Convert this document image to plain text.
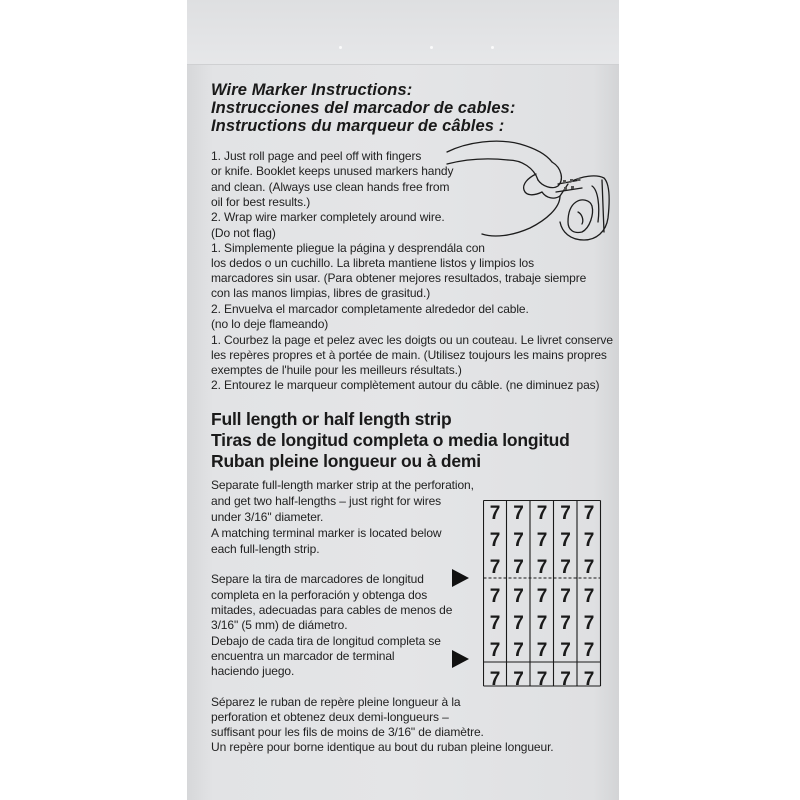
Wire Marker Instructions:
Instrucciones del marcador de cables:
Instructions du marqueur de câbles :
1. Just roll page and peel off with fingers
or knife. Booklet keeps unused markers handy
and clean. (Always use clean hands free from
oil for best results.)
2. Wrap wire marker completely around wire.
(Do not flag)
1. Simplemente pliegue la página y desprendála con
los dedos o un cuchillo. La libreta mantiene listos y limpios los
marcadores sin usar. (Para obtener mejores resultados, trabaje siempre
con las manos limpias, libres de grasitud.)
2. Envuelva el marcador completamente alrededor del cable.
(no lo deje flameando)
1. Courbez la page et pelez avec les doigts ou un couteau. Le livret conserve
les repères propres et à portée de main. (Utilisez toujours les mains propres
exemptes de l'huile pour les meilleurs résultats.)
2. Entourez le marqueur complètement autour du câble. (ne diminuez pas)
Full length or half length strip
Tiras de longitud completa o media longitud
Ruban pleine longueur ou à demi
Separate full-length marker strip at the perforation,
and get two half-lengths – just right for wires
under 3/16" diameter.
A matching terminal marker is located below
each full-length strip.
Separe la tira de marcadores de longitud
completa en la perforación y obtenga dos
mitades, adecuadas para cables de menos de
3/16" (5 mm) de diámetro.
Debajo de cada tira de longitud completa se
encuentra un marcador de terminal
haciendo juego.
Séparez le ruban de repère pleine longueur à la
perforation et obtenez deux demi-longueurs –
suffisant pour les fils de moins de 3/16" de diamètre.
Un repère pour borne identique au bout du ruban pleine longueur.
7 7 7 7 7
7 7 7 7 7
7 7 7 7 7
7 7 7 7 7
7 7 7 7 7
7 7 7 7 7
7 7 7 7 7
